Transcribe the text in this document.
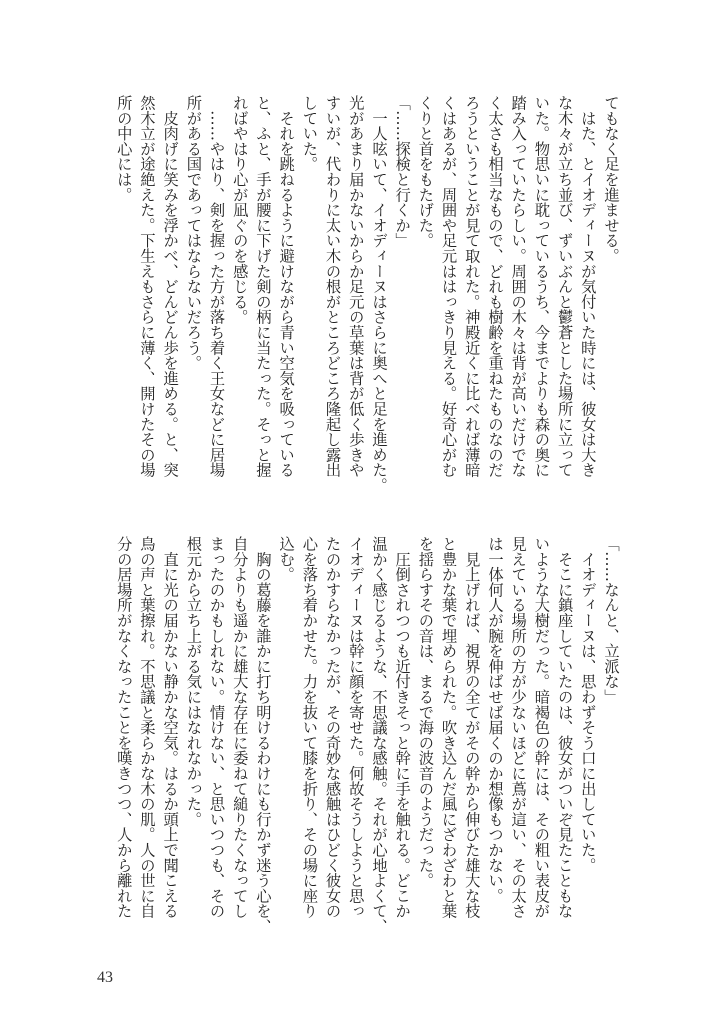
てもなく足を進ませる。
　はた、とイオディーヌが気付いた時には、彼女は大き
な木々が立ち並び、ずいぶんと鬱蒼とした場所に立って
いた。物思いに耽っているうち、今までよりも森の奥に
踏み入っていたらしい。周囲の木々は背が高いだけでな
く太さも相当なもので、どれも樹齢を重ねたものなのだ
ろうということが見て取れた。神殿近くに比べれば薄暗
くはあるが、周囲や足元ははっきり見える。好奇心がむ
くりと首をもたげた。
「……探検と行くか」
　一人呟いて、イオディーヌはさらに奥へと足を進めた。
光があまり届かないからか足元の草葉は背が低く歩きや
すいが、代わりに太い木の根がところどころ隆起し露出
していた。
　それを跳ねるように避けながら青い空気を吸っている
と、ふと、手が腰に下げた剣の柄に当たった。そっと握
ればやはり心が凪ぐのを感じる。
　……やはり、剣を握った方が落ち着く王女などに居場
所がある国であってはならないだろう。
　皮肉げに笑みを浮かべ、どんどん歩を進める。と、突
然木立が途絶えた。下生えもさらに薄く、開けたその場
所の中心には。
「……なんと、立派な」
　イオディーヌは、思わずそう口に出していた。
　そこに鎮座していたのは、彼女がついぞ見たこともな
いような大樹だった。暗褐色の幹には、その粗い表皮が
見えている場所の方が少ないほどに蔦が這い、その太さ
は一体何人が腕を伸ばせば届くのか想像もつかない。
　見上げれば、視界の全てがその幹から伸びた雄大な枝
と豊かな葉で埋められた。吹き込んだ風にざわざわと葉
を揺らすその音は、まるで海の波音のようだった。
　圧倒されつつも近付きそっと幹に手を触れる。どこか
温かく感じるような、不思議な感触。それが心地よくて、
イオディーヌは幹に顔を寄せた。何故そうしようと思っ
たのかすらなかったが、その奇妙な感触はひどく彼女の
心を落ち着かせた。力を抜いて膝を折り、その場に座り
込む。
　胸の葛藤を誰かに打ち明けるわけにも行かず迷う心を、
自分よりも遥かに雄大な存在に委ねて縋りたくなってし
まったのかもしれない。情けない、と思いつつも、その
根元から立ち上がる気にはなれなかった。
　直に光の届かない静かな空気。はるか頭上で聞こえる
鳥の声と葉擦れ。不思議と柔らかな木の肌。人の世に自
分の居場所がなくなったことを嘆きつつ、人から離れた
43
